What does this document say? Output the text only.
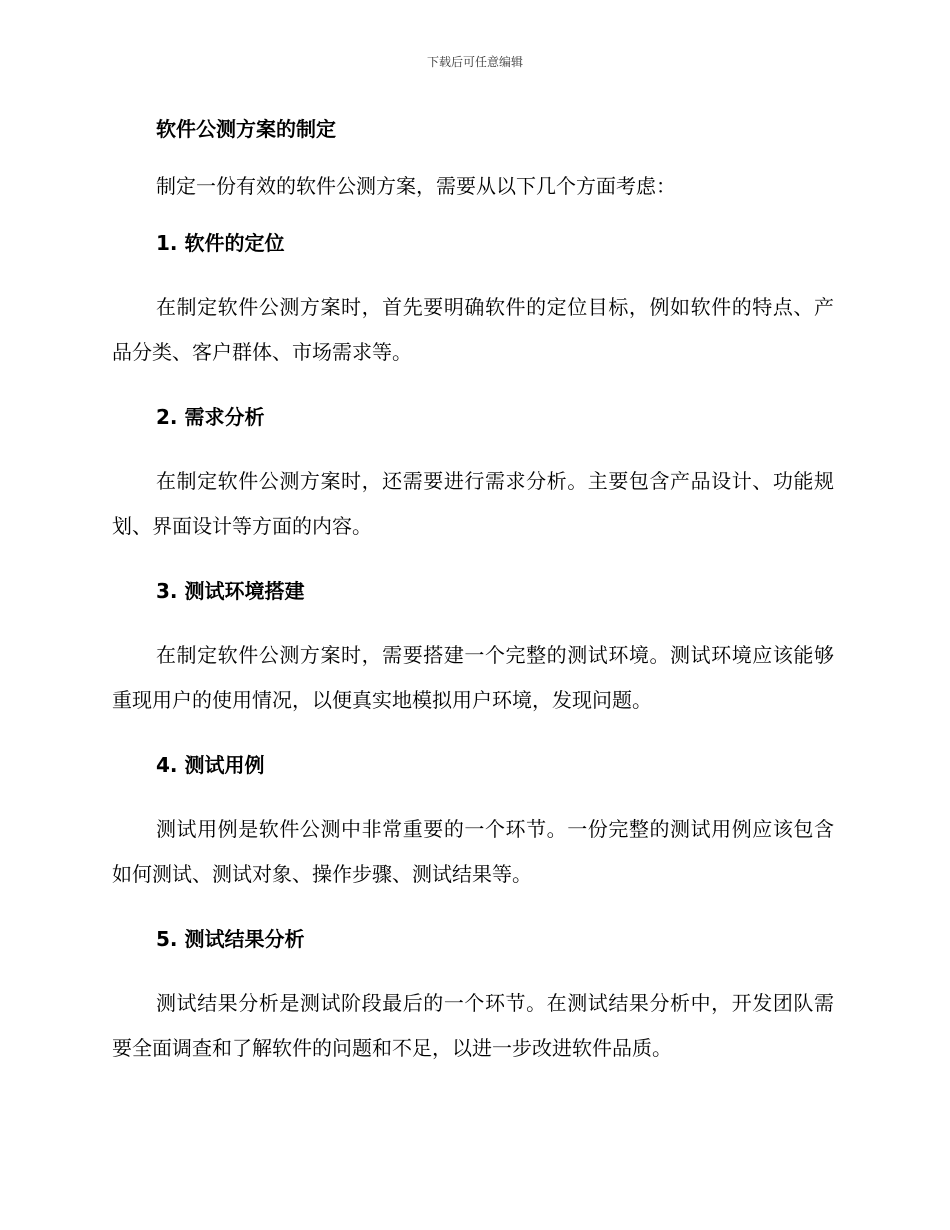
下载后可任意编辑
软件公测方案的制定

制定一份有效的软件公测方案，需要从以下几个方面考虑：

1. 软件的定位

在制定软件公测方案时，首先要明确软件的定位目标，例如软件的特点、产品分类、客户群体、市场需求等。

2. 需求分析

在制定软件公测方案时，还需要进行需求分析。主要包含产品设计、功能规划、界面设计等方面的内容。

3. 测试环境搭建

在制定软件公测方案时，需要搭建一个完整的测试环境。测试环境应该能够重现用户的使用情况，以便真实地模拟用户环境，发现问题。

4. 测试用例

测试用例是软件公测中非常重要的一个环节。一份完整的测试用例应该包含如何测试、测试对象、操作步骤、测试结果等。

5. 测试结果分析

测试结果分析是测试阶段最后的一个环节。在测试结果分析中，开发团队需要全面调查和了解软件的问题和不足，以进一步改进软件品质。
